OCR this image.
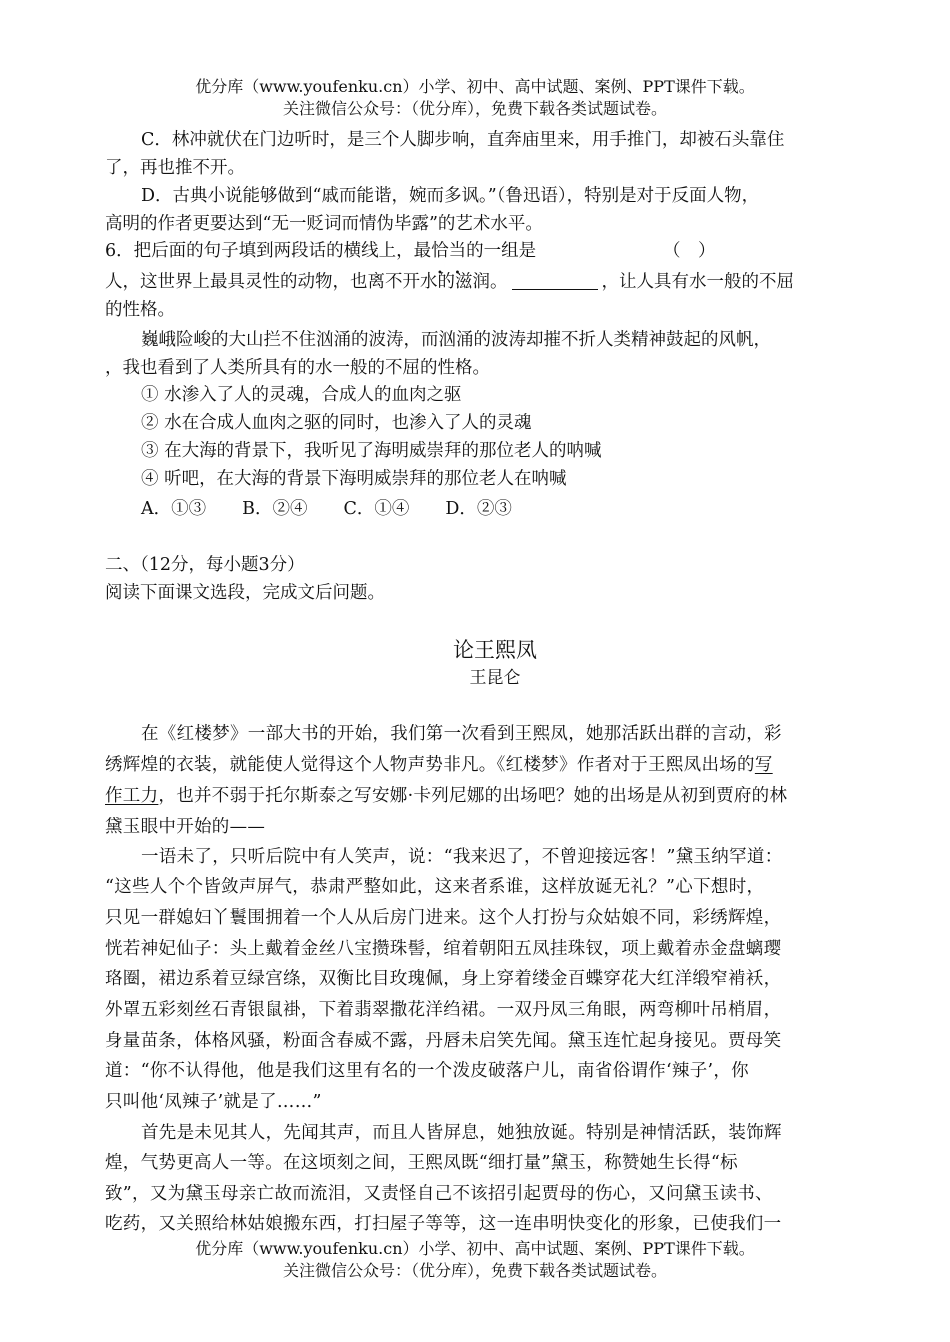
优分库（www.youfenku.cn）小学、初中、高中试题、案例、PPT课件下载。
关注微信公众号：（优分库），免费下载各类试题试卷。
C．林冲就伏在门边听时，是三个人脚步响，直奔庙里来，用手推门，却被石头靠住
了，再也推不开。
D．古典小说能够做到“戚而能谐，婉而多讽。”（鲁迅语），特别是对于反面人物，
高明的作者更要达到“无一贬词而情伪毕露”的艺术水平。
6．把后面的句子填到两段话的横线上，最恰当的一组是	（　）
人，这世界上最具灵性的动物，也离不开水的滋润。	，让人具有水一般的不屈
的性格。
巍峨险峻的大山拦不住汹涌的波涛，而汹涌的波涛却摧不折人类精神鼓起的风帆，
，我也看到了人类所具有的水一般的不屈的性格。
① 水渗入了人的灵魂，合成人的血肉之驱
② 水在合成人血肉之驱的同时，也渗入了人的灵魂
③ 在大海的背景下，我听见了海明威崇拜的那位老人的呐喊
④ 听吧，在大海的背景下海明威崇拜的那位老人在呐喊
A．①③ B．②④ C．①④ D．②③
二、（12分，每小题3分）
阅读下面课文选段，完成文后问题。
论王熙凤
王昆仑
在《红楼梦》一部大书的开始，我们第一次看到王熙凤，她那活跃出群的言动，彩
绣辉煌的衣装，就能使人觉得这个人物声势非凡。《红楼梦》作者对于王熙凤出场的写
作工力，也并不弱于托尔斯泰之写安娜·卡列尼娜的出场吧？她的出场是从初到贾府的林
黛玉眼中开始的——
一语未了，只听后院中有人笑声，说：“我来迟了，不曾迎接远客！”黛玉纳罕道：
“这些人个个皆敛声屏气，恭肃严整如此，这来者系谁，这样放诞无礼？”心下想时，
只见一群媳妇丫鬟围拥着一个人从后房门进来。这个人打扮与众姑娘不同，彩绣辉煌，
恍若神妃仙子：头上戴着金丝八宝攒珠髻，绾着朝阳五凤挂珠钗，项上戴着赤金盘螭璎
珞圈，裙边系着豆绿宫绦，双衡比目玫瑰佩，身上穿着缕金百蝶穿花大红洋缎窄褃袄，
外罩五彩刻丝石青银鼠褂，下着翡翠撒花洋绉裙。一双丹凤三角眼，两弯柳叶吊梢眉，
身量苗条，体格风骚，粉面含春威不露，丹唇未启笑先闻。黛玉连忙起身接见。贾母笑
道：“你不认得他，他是我们这里有名的一个泼皮破落户儿，南省俗谓作‘辣子’，你
只叫他‘凤辣子’就是了……”
首先是未见其人，先闻其声，而且人皆屏息，她独放诞。特别是神情活跃，装饰辉
煌，气势更高人一等。在这顷刻之间，王熙凤既“细打量”黛玉，称赞她生长得“标
致”，又为黛玉母亲亡故而流泪，又责怪自己不该招引起贾母的伤心，又问黛玉读书、
吃药，又关照给林姑娘搬东西，打扫屋子等等，这一连串明快变化的形象，已使我们一
优分库（www.youfenku.cn）小学、初中、高中试题、案例、PPT课件下载。
关注微信公众号：（优分库），免费下载各类试题试卷。
